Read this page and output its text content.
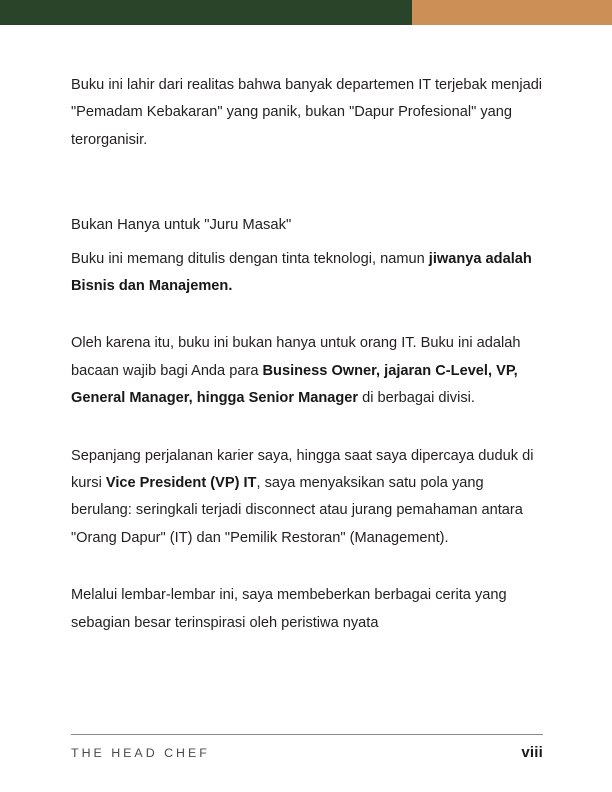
Buku ini lahir dari realitas bahwa banyak departemen IT terjebak menjadi "Pemadam Kebakaran" yang panik, bukan "Dapur Profesional" yang terorganisir.

Bukan Hanya untuk "Juru Masak"

Buku ini memang ditulis dengan tinta teknologi, namun jiwanya adalah Bisnis dan Manajemen.

Oleh karena itu, buku ini bukan hanya untuk orang IT. Buku ini adalah bacaan wajib bagi Anda para Business Owner, jajaran C-Level, VP, General Manager, hingga Senior Manager di berbagai divisi.

Sepanjang perjalanan karier saya, hingga saat saya dipercaya duduk di kursi Vice President (VP) IT, saya menyaksikan satu pola yang berulang: seringkali terjadi disconnect atau jurang pemahaman antara "Orang Dapur" (IT) dan "Pemilik Restoran" (Management).

Melalui lembar-lembar ini, saya membeberkan berbagai cerita yang sebagian besar terinspirasi oleh peristiwa nyata

THE HEAD CHEF	viii
